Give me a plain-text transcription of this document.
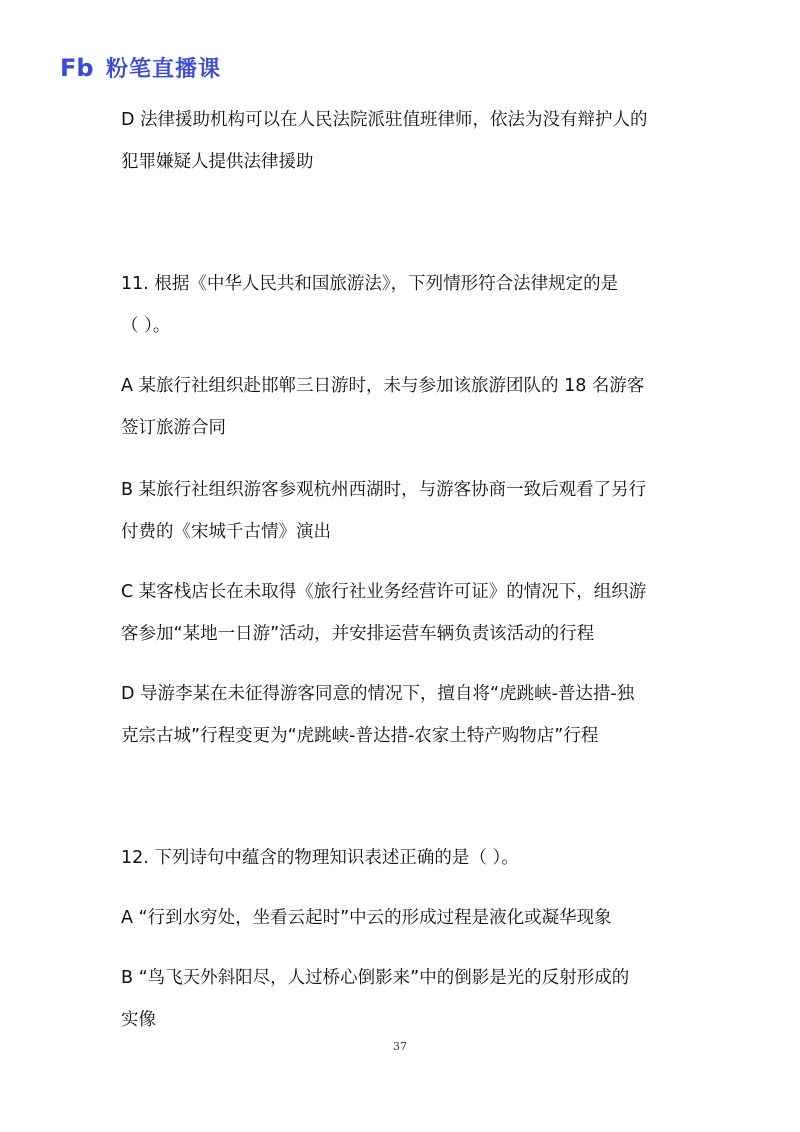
Fb 粉笔直播课
D 法律援助机构可以在人民法院派驻值班律师，依法为没有辩护人的
犯罪嫌疑人提供法律援助
11. 根据《中华人民共和国旅游法》，下列情形符合法律规定的是
（ ）。
A 某旅行社组织赴邯郸三日游时，未与参加该旅游团队的 18 名游客
签订旅游合同
B 某旅行社组织游客参观杭州西湖时，与游客协商一致后观看了另行
付费的《宋城千古情》演出
C 某客栈店长在未取得《旅行社业务经营许可证》的情况下，组织游
客参加“某地一日游”活动，并安排运营车辆负责该活动的行程
D 导游李某在未征得游客同意的情况下，擅自将“虎跳峡-普达措-独
克宗古城”行程变更为“虎跳峡-普达措-农家土特产购物店”行程
12. 下列诗句中蕴含的物理知识表述正确的是（ ）。
A “行到水穷处，坐看云起时”中云的形成过程是液化或凝华现象
B “鸟飞天外斜阳尽，人过桥心倒影来”中的倒影是光的反射形成的
实像
37
